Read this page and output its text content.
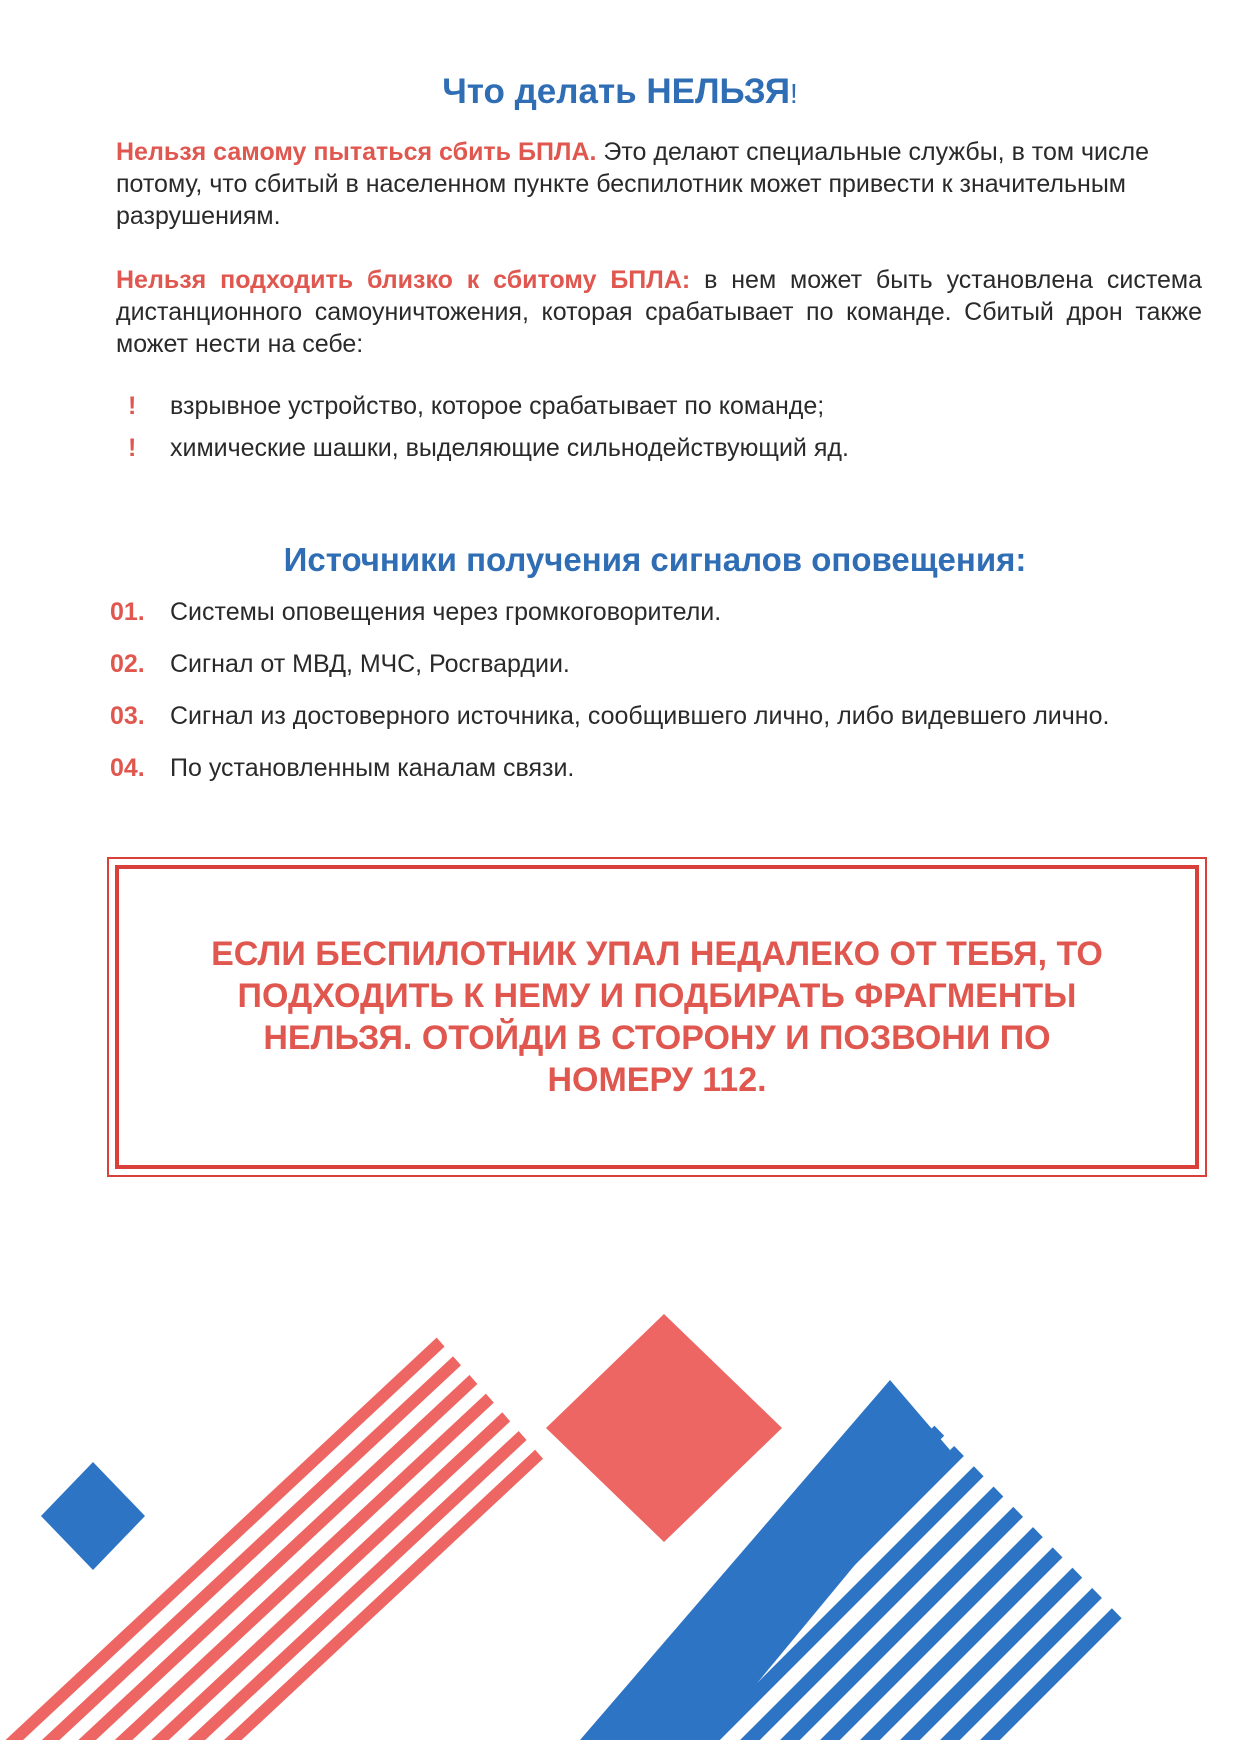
Что делать НЕЛЬЗЯ!

Нельзя самому пытаться сбить БПЛА. Это делают специальные службы, в том числе потому, что сбитый в населенном пункте беспилотник может привести к значительным разрушениям.

Нельзя подходить близко к сбитому БПЛА: в нем может быть установлена система дистанционного самоуничтожения, которая срабатывает по команде. Сбитый дрон также может нести на себе:

!	взрывное устройство, которое срабатывает по команде;
!	химические шашки, выделяющие сильнодействующий яд.
Источники получения сигналов оповещения:
01.	Системы оповещения через громкоговорители.
02.	Сигнал от МВД, МЧС, Росгвардии.
03.	Сигнал из достоверного источника, сообщившего лично, либо видевшего лично.
04.	По установленным каналам связи.

ЕСЛИ БЕСПИЛОТНИК УПАЛ НЕДАЛЕКО ОТ ТЕБЯ, ТО ПОДХОДИТЬ К НЕМУ И ПОДБИРАТЬ ФРАГМЕНТЫ НЕЛЬЗЯ. ОТОЙДИ В СТОРОНУ И ПОЗВОНИ ПО НОМЕРУ 112.
